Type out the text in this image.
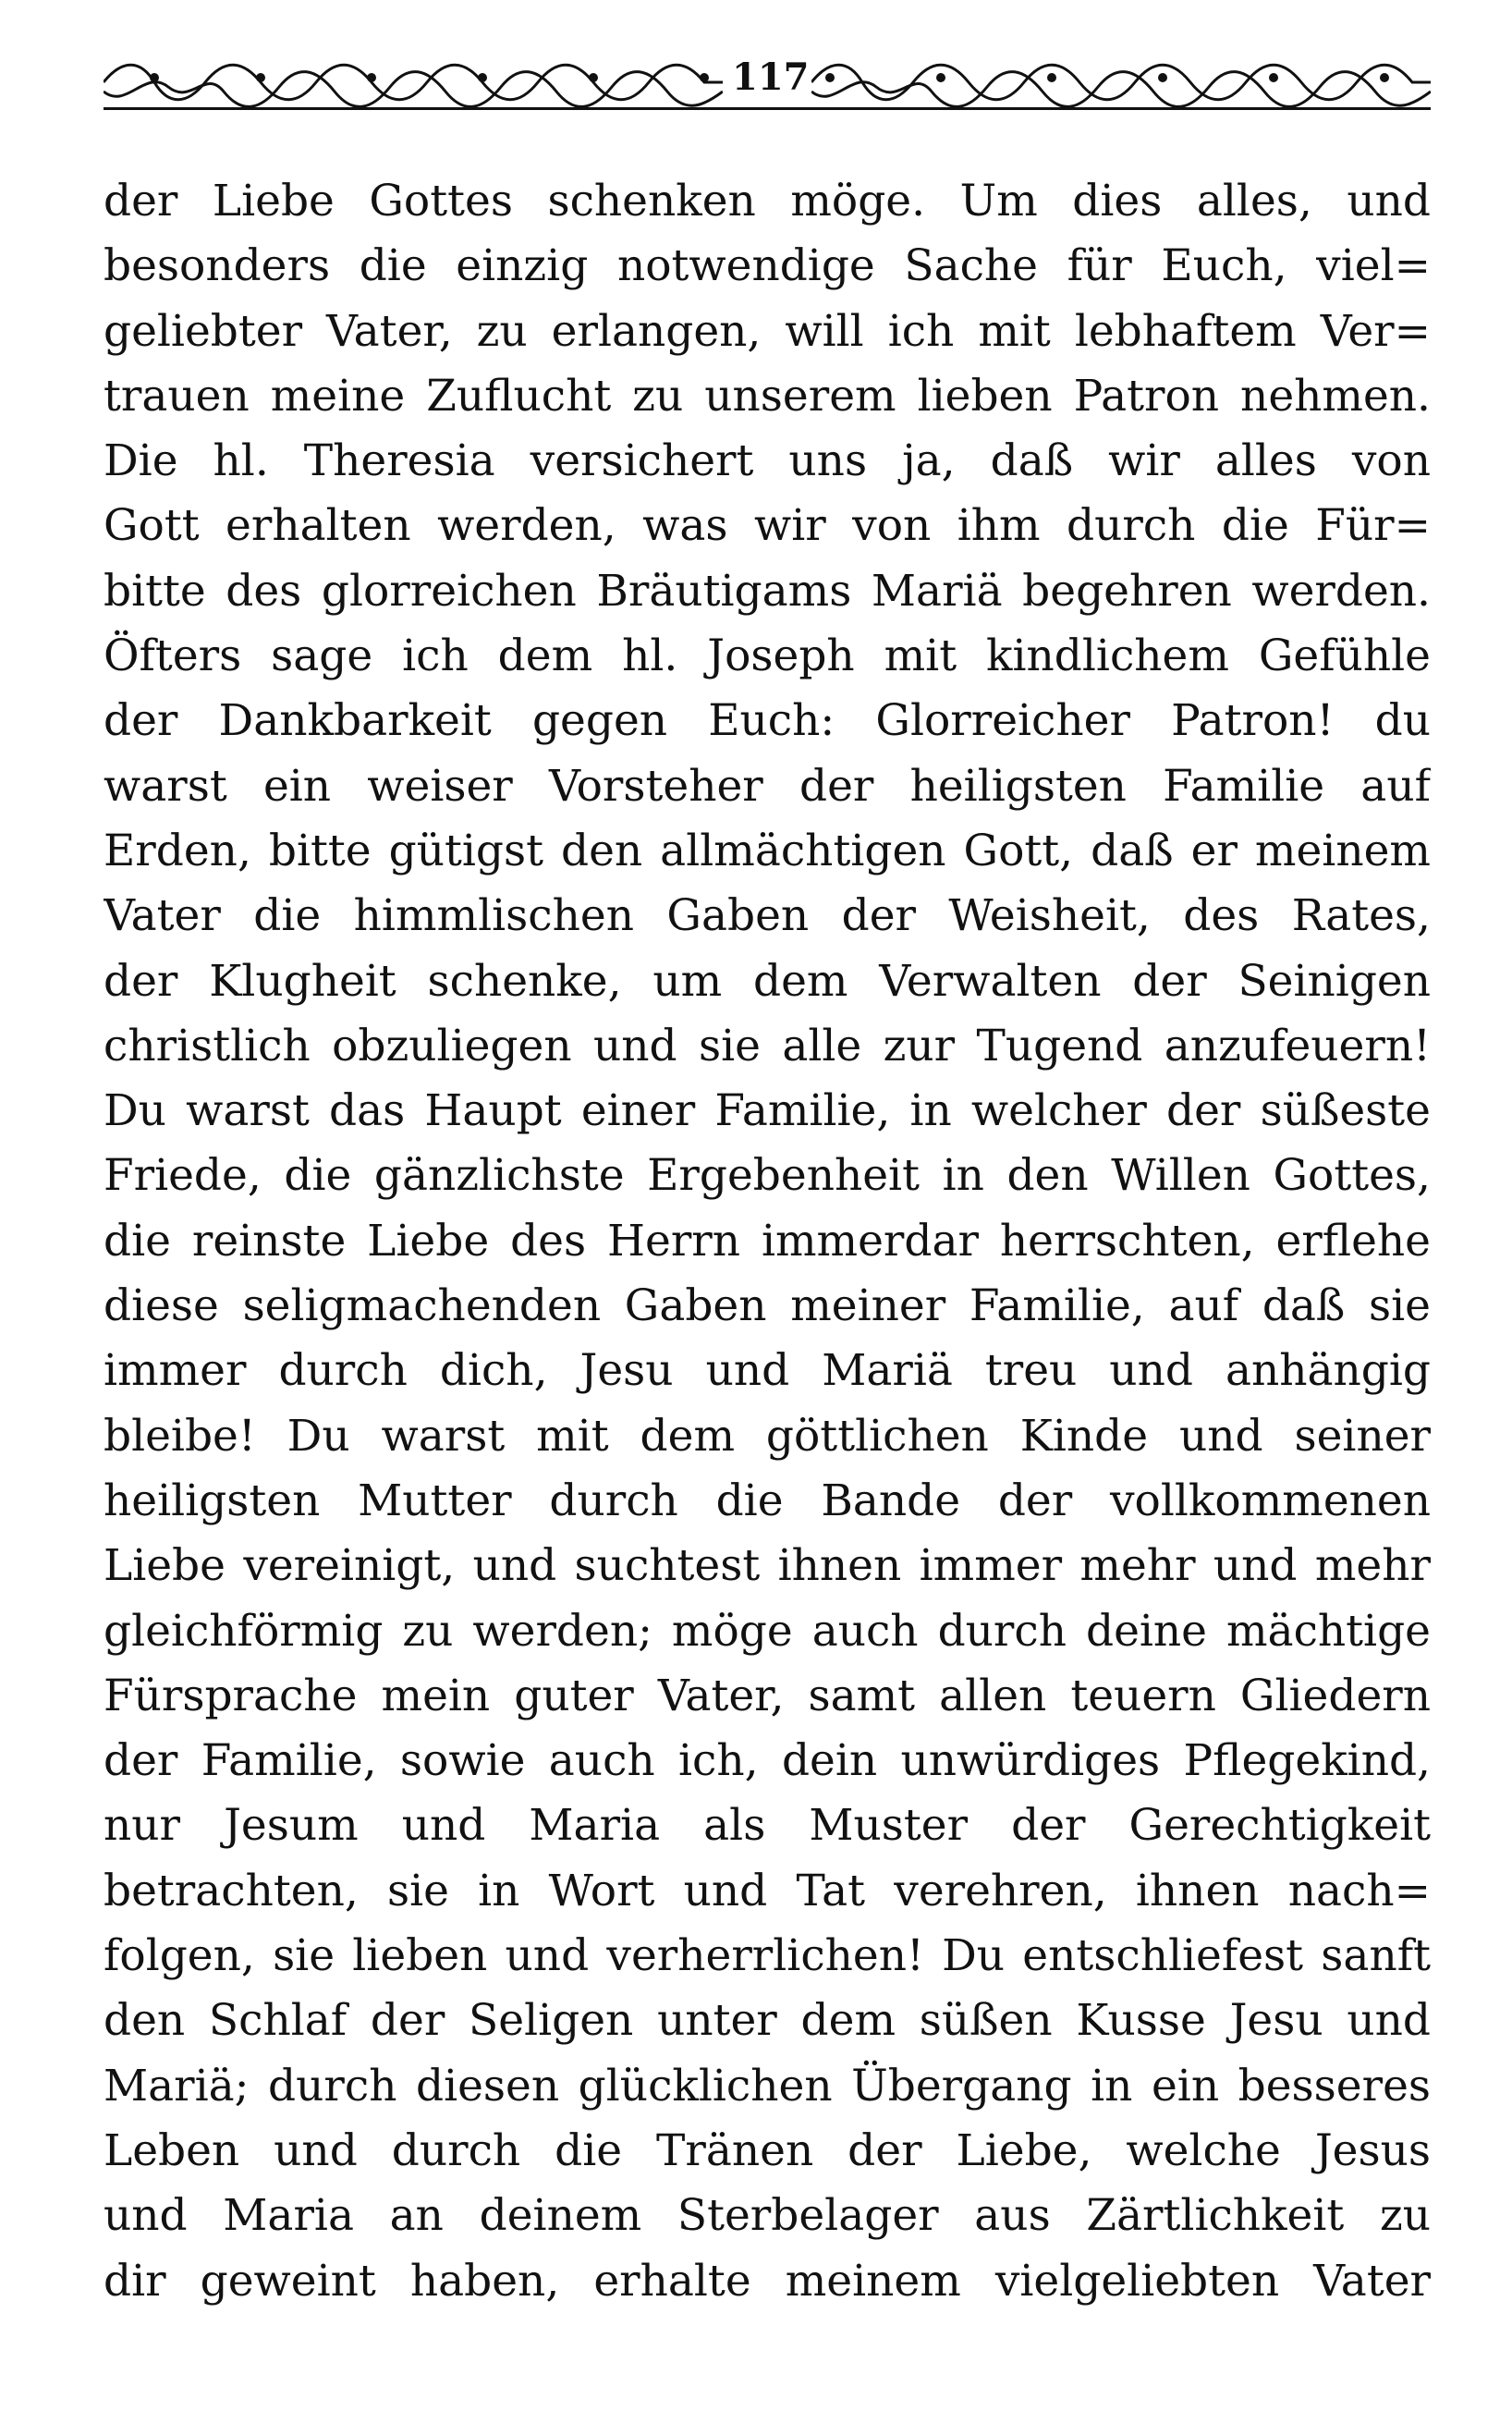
117
der Liebe Gottes schenken möge. Um dies alles, und
besonders die einzig notwendige Sache für Euch, viel=
geliebter Vater, zu erlangen, will ich mit lebhaftem Ver=
trauen meine Zuflucht zu unserem lieben Patron nehmen.
Die hl. Theresia versichert uns ja, daß wir alles von
Gott erhalten werden, was wir von ihm durch die Für=
bitte des glorreichen Bräutigams Mariä begehren werden.
Öfters sage ich dem hl. Joseph mit kindlichem Gefühle
der Dankbarkeit gegen Euch: Glorreicher Patron! du
warst ein weiser Vorsteher der heiligsten Familie auf
Erden, bitte gütigst den allmächtigen Gott, daß er meinem
Vater die himmlischen Gaben der Weisheit, des Rates,
der Klugheit schenke, um dem Verwalten der Seinigen
christlich obzuliegen und sie alle zur Tugend anzufeuern!
Du warst das Haupt einer Familie, in welcher der süßeste
Friede, die gänzlichste Ergebenheit in den Willen Gottes,
die reinste Liebe des Herrn immerdar herrschten, erflehe
diese seligmachenden Gaben meiner Familie, auf daß sie
immer durch dich, Jesu und Mariä treu und anhängig
bleibe! Du warst mit dem göttlichen Kinde und seiner
heiligsten Mutter durch die Bande der vollkommenen
Liebe vereinigt, und suchtest ihnen immer mehr und mehr
gleichförmig zu werden; möge auch durch deine mächtige
Fürsprache mein guter Vater, samt allen teuern Gliedern
der Familie, sowie auch ich, dein unwürdiges Pflegekind,
nur Jesum und Maria als Muster der Gerechtigkeit
betrachten, sie in Wort und Tat verehren, ihnen nach=
folgen, sie lieben und verherrlichen! Du entschliefest sanft
den Schlaf der Seligen unter dem süßen Kusse Jesu und
Mariä; durch diesen glücklichen Übergang in ein besseres
Leben und durch die Tränen der Liebe, welche Jesus
und Maria an deinem Sterbelager aus Zärtlichkeit zu
dir geweint haben, erhalte meinem vielgeliebten Vater
